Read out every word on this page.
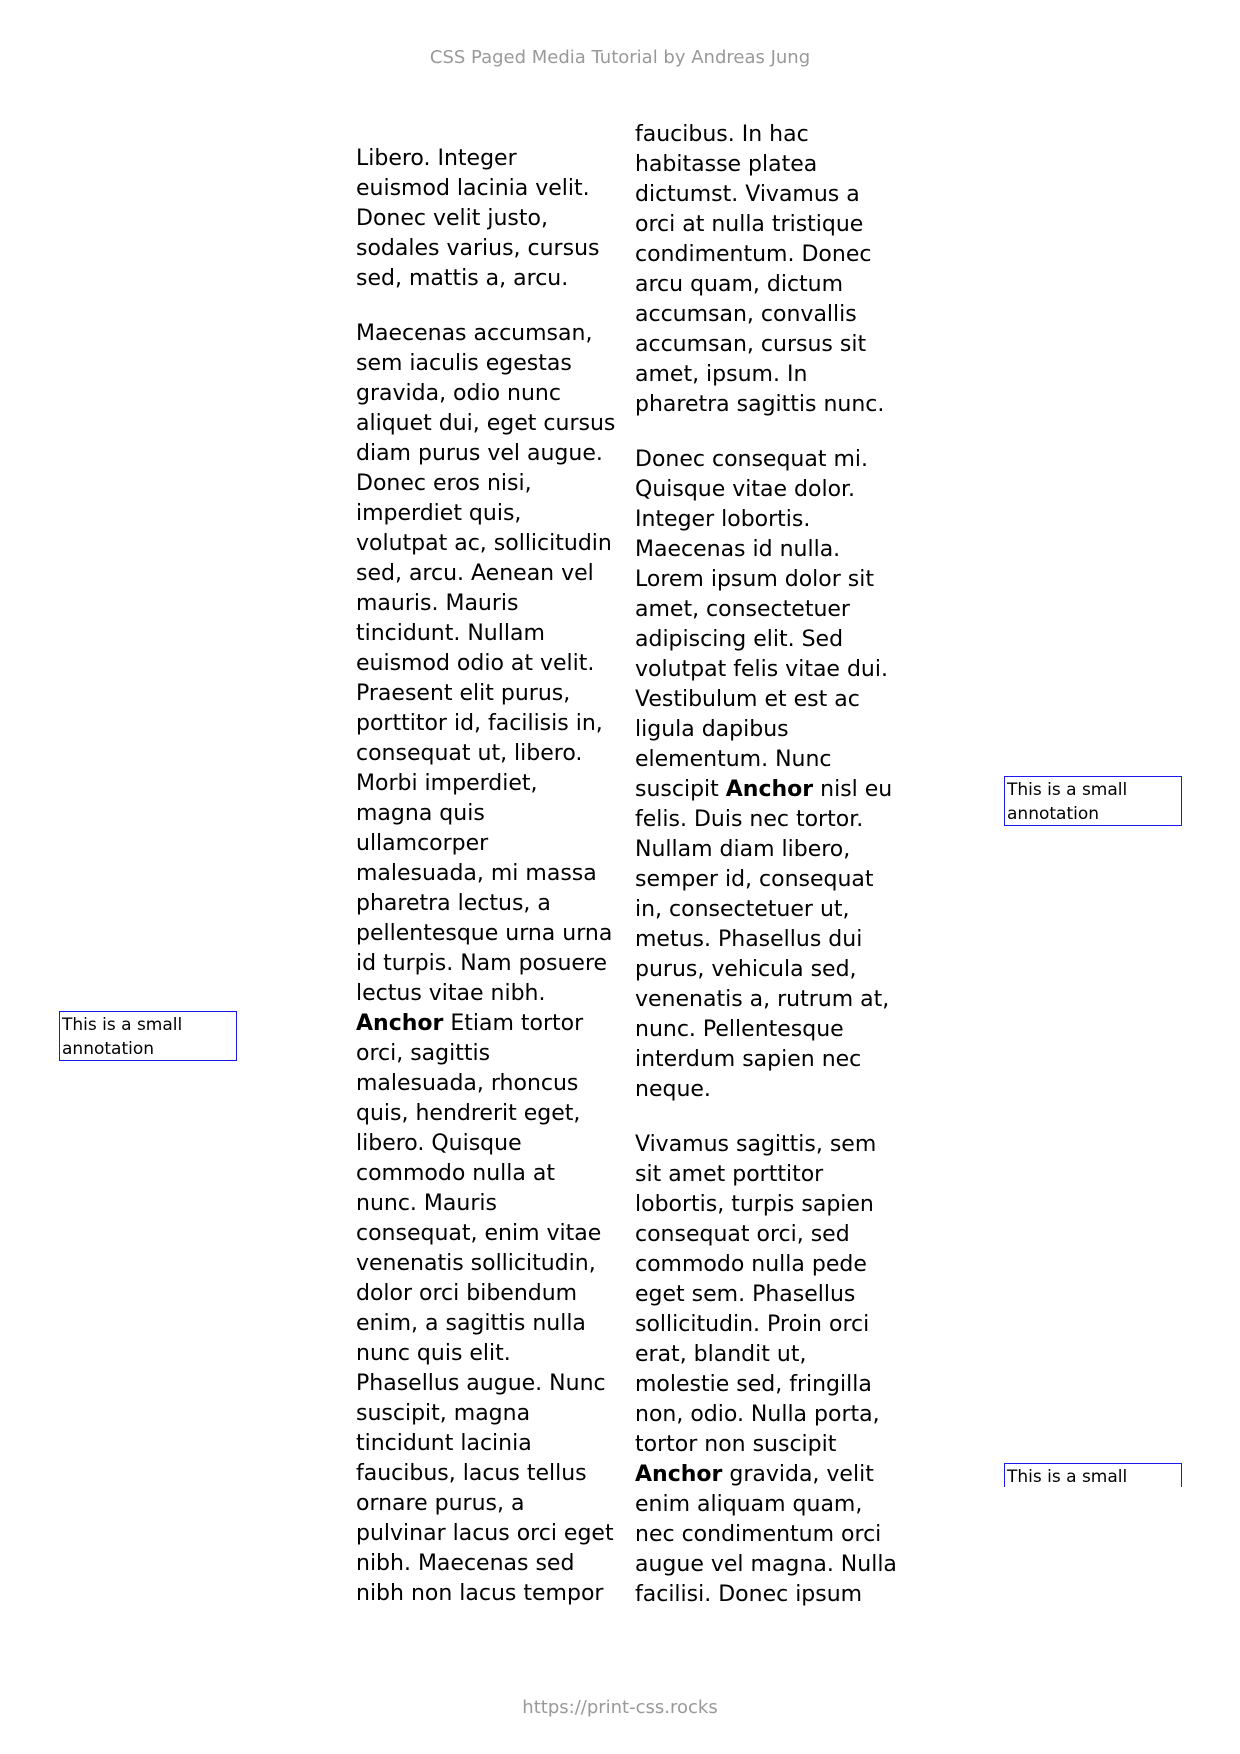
CSS Paged Media Tutorial by Andreas Jung

Libero. Integer
euismod lacinia velit.
Donec velit justo,
sodales varius, cursus
sed, mattis a, arcu.

Maecenas accumsan,
sem iaculis egestas
gravida, odio nunc
aliquet dui, eget cursus
diam purus vel augue.
Donec eros nisi,
imperdiet quis,
volutpat ac, sollicitudin
sed, arcu. Aenean vel
mauris. Mauris
tincidunt. Nullam
euismod odio at velit.
Praesent elit purus,
porttitor id, facilisis in,
consequat ut, libero.
Morbi imperdiet,
magna quis
ullamcorper
malesuada, mi massa
pharetra lectus, a
pellentesque urna urna
id turpis. Nam posuere
lectus vitae nibh.
Anchor Etiam tortor
orci, sagittis
malesuada, rhoncus
quis, hendrerit eget,
libero. Quisque
commodo nulla at
nunc. Mauris
consequat, enim vitae
venenatis sollicitudin,
dolor orci bibendum
enim, a sagittis nulla
nunc quis elit.
Phasellus augue. Nunc
suscipit, magna
tincidunt lacinia
faucibus, lacus tellus
ornare purus, a
pulvinar lacus orci eget
nibh. Maecenas sed
nibh non lacus tempor

faucibus. In hac
habitasse platea
dictumst. Vivamus a
orci at nulla tristique
condimentum. Donec
arcu quam, dictum
accumsan, convallis
accumsan, cursus sit
amet, ipsum. In
pharetra sagittis nunc.

Donec consequat mi.
Quisque vitae dolor.
Integer lobortis.
Maecenas id nulla.
Lorem ipsum dolor sit
amet, consectetuer
adipiscing elit. Sed
volutpat felis vitae dui.
Vestibulum et est ac
ligula dapibus
elementum. Nunc
suscipit Anchor nisl eu
felis. Duis nec tortor.
Nullam diam libero,
semper id, consequat
in, consectetuer ut,
metus. Phasellus dui
purus, vehicula sed,
venenatis a, rutrum at,
nunc. Pellentesque
interdum sapien nec
neque.

Vivamus sagittis, sem
sit amet porttitor
lobortis, turpis sapien
consequat orci, sed
commodo nulla pede
eget sem. Phasellus
sollicitudin. Proin orci
erat, blandit ut,
molestie sed, fringilla
non, odio. Nulla porta,
tortor non suscipit
Anchor gravida, velit
enim aliquam quam,
nec condimentum orci
augue vel magna. Nulla
facilisi. Donec ipsum

This is a small
annotation
This is a small
annotation
This is a small
https://print-css.rocks
